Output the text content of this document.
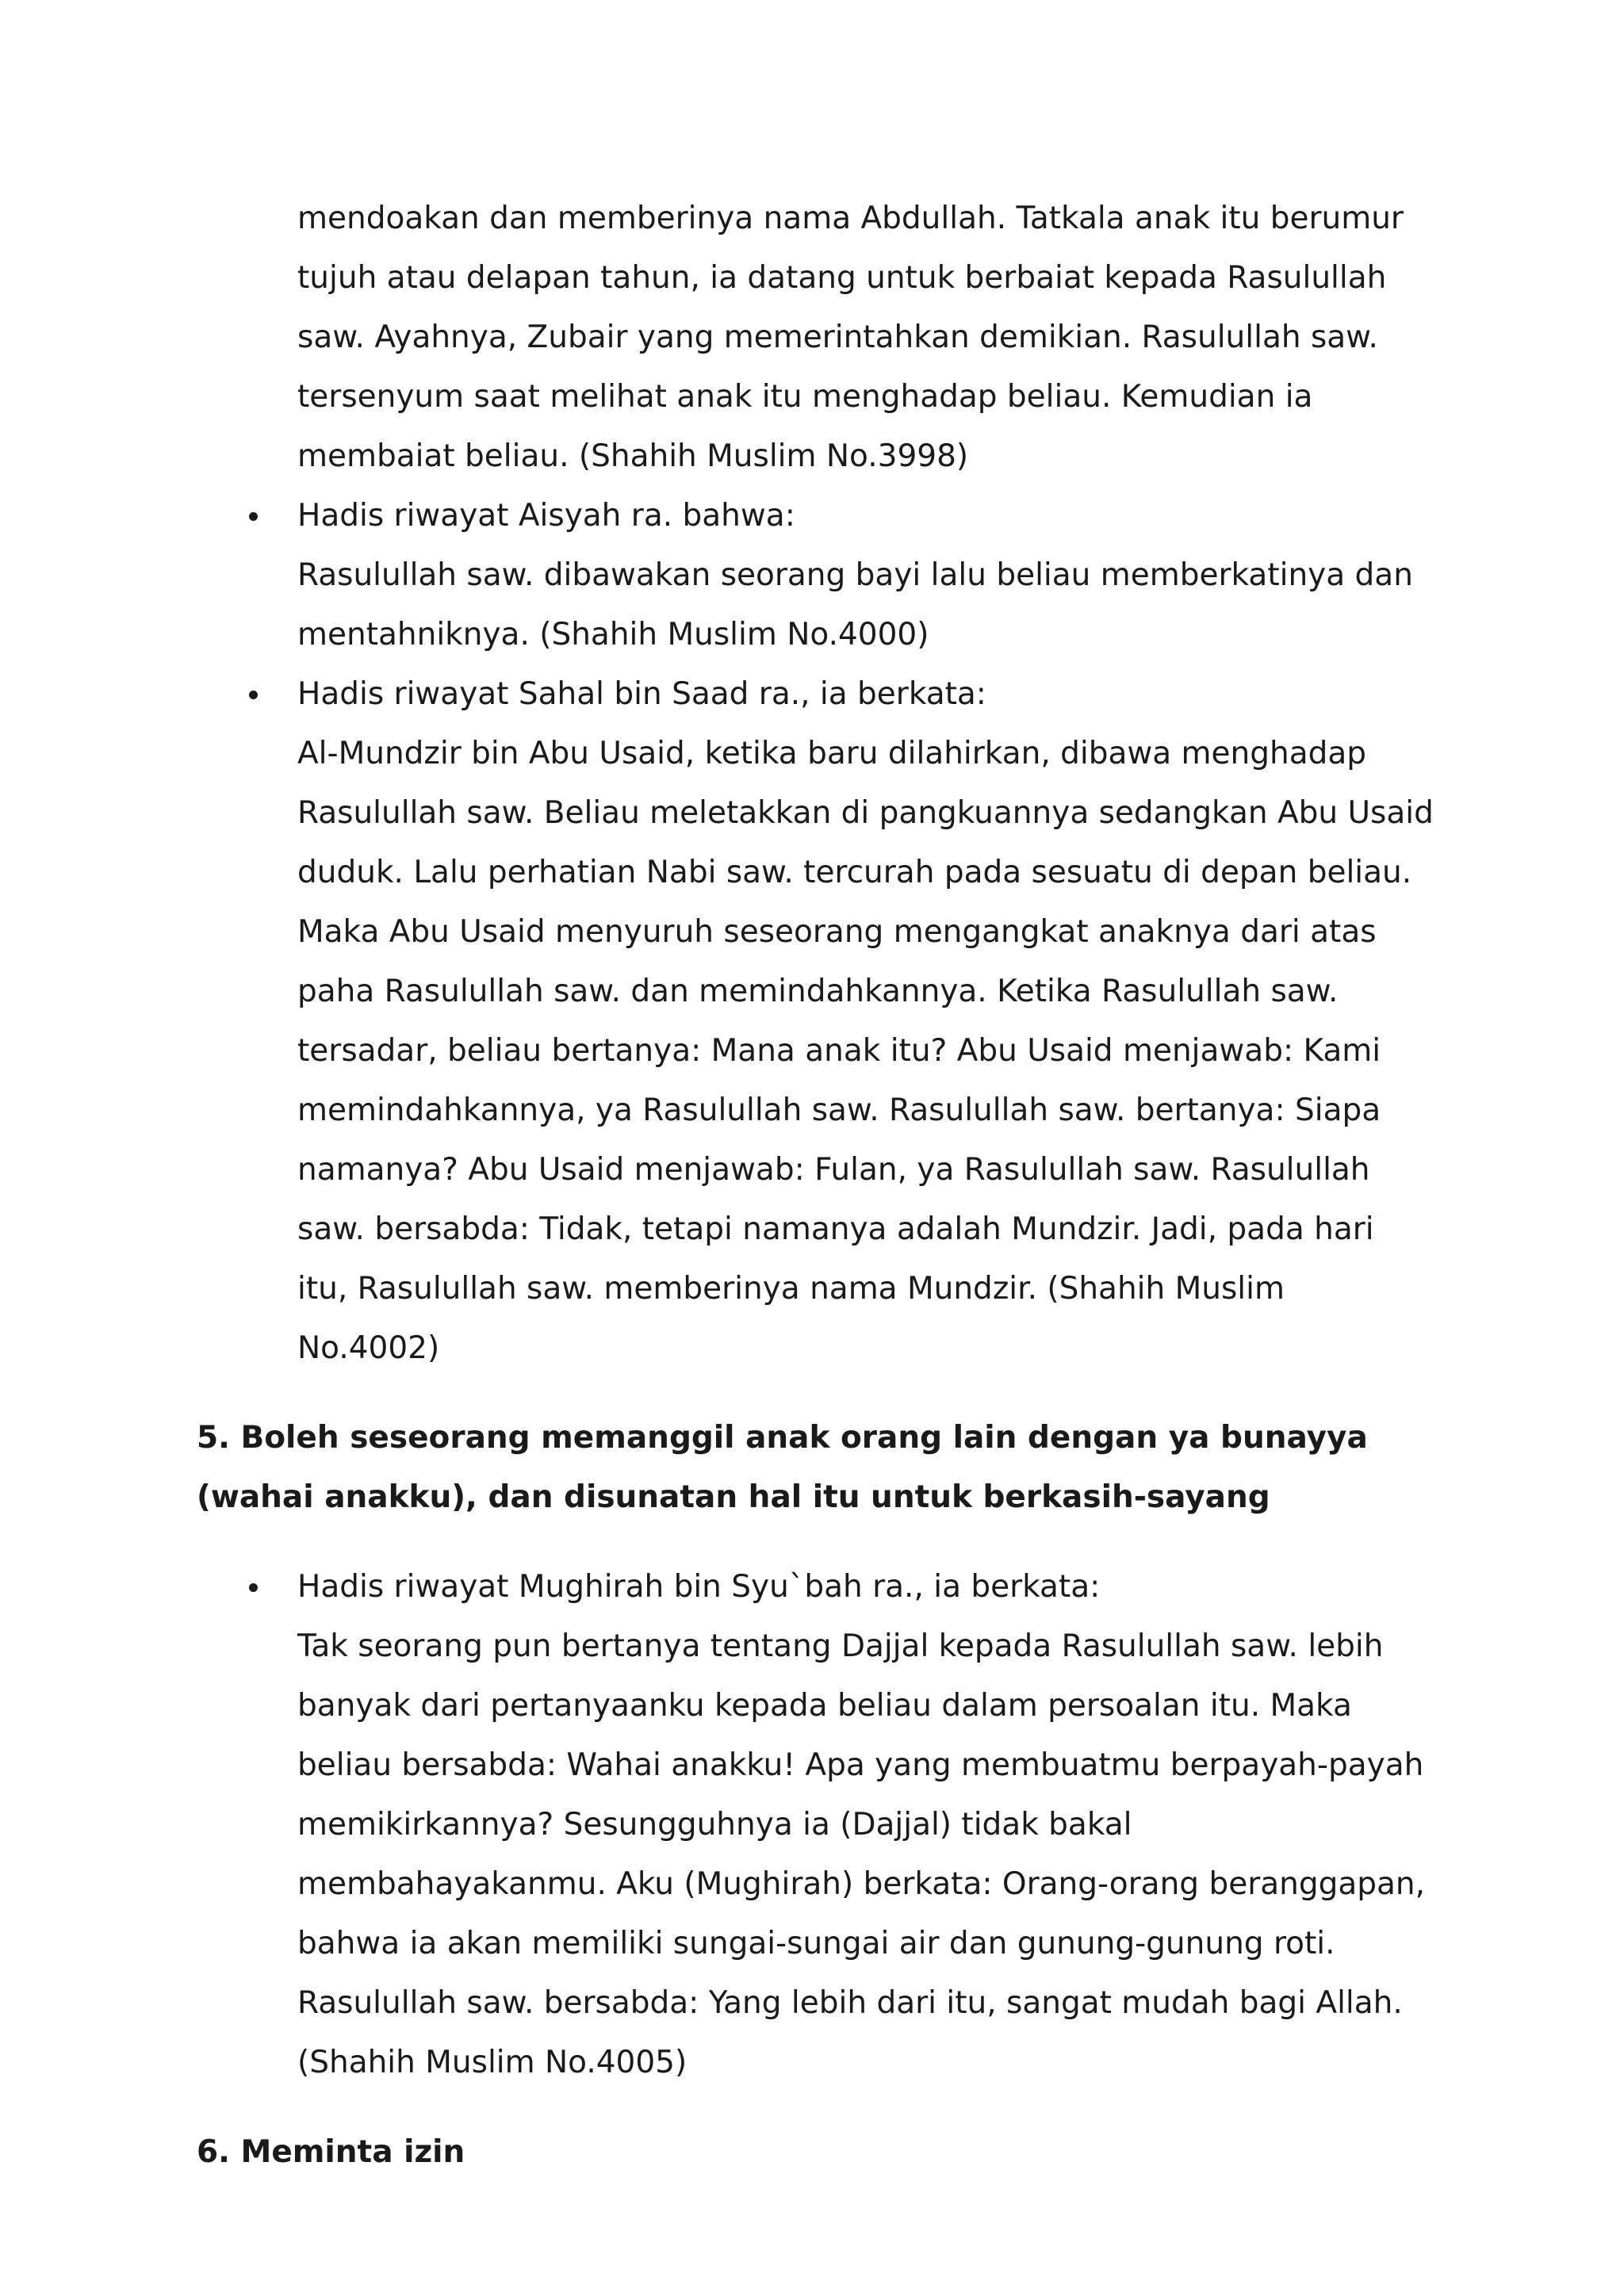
mendoakan dan memberinya nama Abdullah. Tatkala anak itu berumur tujuh atau delapan tahun, ia datang untuk berbaiat kepada Rasulullah saw. Ayahnya, Zubair yang memerintahkan demikian. Rasulullah saw. tersenyum saat melihat anak itu menghadap beliau. Kemudian ia membaiat beliau. (Shahih Muslim No.3998)

Hadis riwayat Aisyah ra. bahwa:
Rasulullah saw. dibawakan seorang bayi lalu beliau memberkatinya dan mentahniknya. (Shahih Muslim No.4000)
Hadis riwayat Sahal bin Saad ra., ia berkata:
Al-Mundzir bin Abu Usaid, ketika baru dilahirkan, dibawa menghadap Rasulullah saw. Beliau meletakkan di pangkuannya sedangkan Abu Usaid duduk. Lalu perhatian Nabi saw. tercurah pada sesuatu di depan beliau. Maka Abu Usaid menyuruh seseorang mengangkat anaknya dari atas paha Rasulullah saw. dan memindahkannya. Ketika Rasulullah saw. tersadar, beliau bertanya: Mana anak itu? Abu Usaid menjawab: Kami memindahkannya, ya Rasulullah saw. Rasulullah saw. bertanya: Siapa namanya? Abu Usaid menjawab: Fulan, ya Rasulullah saw. Rasulullah saw. bersabda: Tidak, tetapi namanya adalah Mundzir. Jadi, pada hari itu, Rasulullah saw. memberinya nama Mundzir. (Shahih Muslim No.4002)
5. Boleh seseorang memanggil anak orang lain dengan ya bunayya (wahai anakku), dan disunatan hal itu untuk berkasih-sayang
Hadis riwayat Mughirah bin Syu`bah ra., ia berkata:
Tak seorang pun bertanya tentang Dajjal kepada Rasulullah saw. lebih banyak dari pertanyaanku kepada beliau dalam persoalan itu. Maka beliau bersabda: Wahai anakku! Apa yang membuatmu berpayah-payah memikirkannya? Sesungguhnya ia (Dajjal) tidak bakal membahayakanmu. Aku (Mughirah) berkata: Orang-orang beranggapan, bahwa ia akan memiliki sungai-sungai air dan gunung-gunung roti. Rasulullah saw. bersabda: Yang lebih dari itu, sangat mudah bagi Allah. (Shahih Muslim No.4005)
6. Meminta izin
